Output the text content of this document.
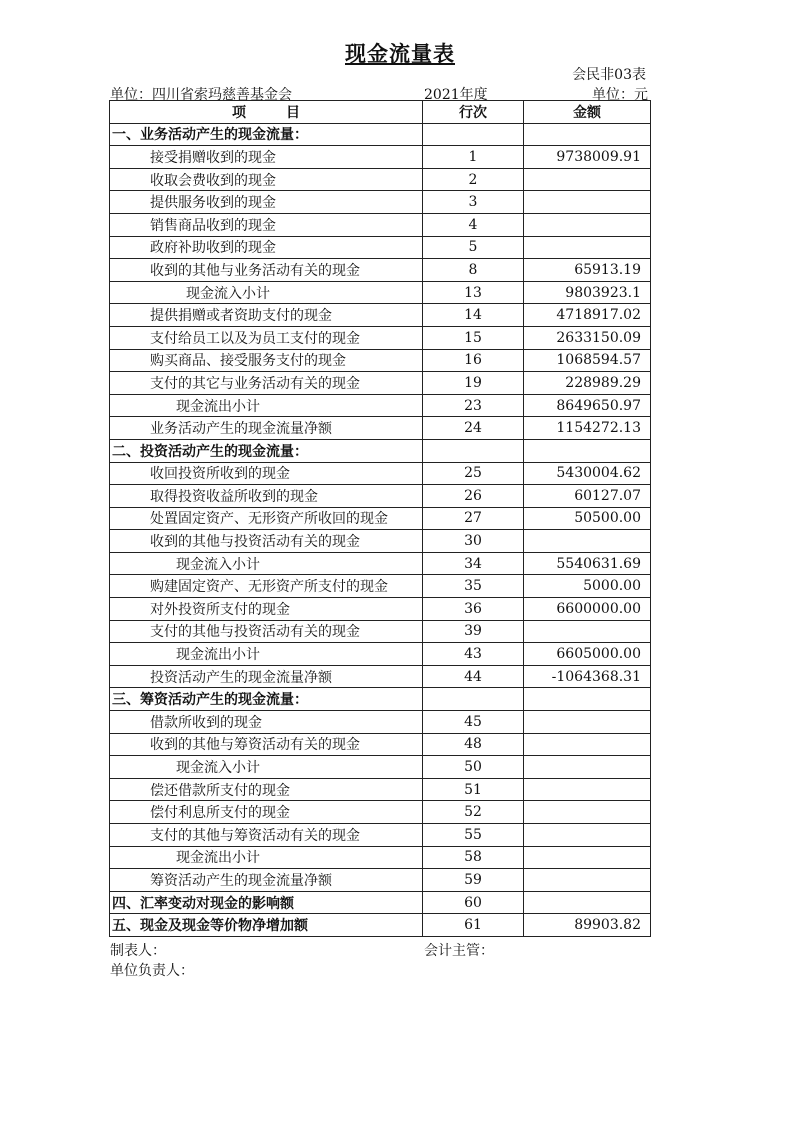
现金流量表
会民非03表
单位：四川省索玛慈善基金会	2021年度	单位：元
项目	行次	金额
一、业务活动产生的现金流量：		
接受捐赠收到的现金	1	9738009.91
收取会费收到的现金	2	
提供服务收到的现金	3	
销售商品收到的现金	4	
政府补助收到的现金	5	
收到的其他与业务活动有关的现金	8	65913.19
现金流入小计	13	9803923.1
提供捐赠或者资助支付的现金	14	4718917.02
支付给员工以及为员工支付的现金	15	2633150.09
购买商品、接受服务支付的现金	16	1068594.57
支付的其它与业务活动有关的现金	19	228989.29
现金流出小计	23	8649650.97
业务活动产生的现金流量净额	24	1154272.13
二、投资活动产生的现金流量：		
收回投资所收到的现金	25	5430004.62
取得投资收益所收到的现金	26	60127.07
处置固定资产、无形资产所收回的现金	27	50500.00
收到的其他与投资活动有关的现金	30	
现金流入小计	34	5540631.69
购建固定资产、无形资产所支付的现金	35	5000.00
对外投资所支付的现金	36	6600000.00
支付的其他与投资活动有关的现金	39	
现金流出小计	43	6605000.00
投资活动产生的现金流量净额	44	-1064368.31
三、筹资活动产生的现金流量：		
借款所收到的现金	45	
收到的其他与筹资活动有关的现金	48	
现金流入小计	50	
偿还借款所支付的现金	51	
偿付利息所支付的现金	52	
支付的其他与筹资活动有关的现金	55	
现金流出小计	58	
筹资活动产生的现金流量净额	59	
四、汇率变动对现金的影响额	60	
五、现金及现金等价物净增加额	61	89903.82
制表人：	会计主管：
单位负责人：
